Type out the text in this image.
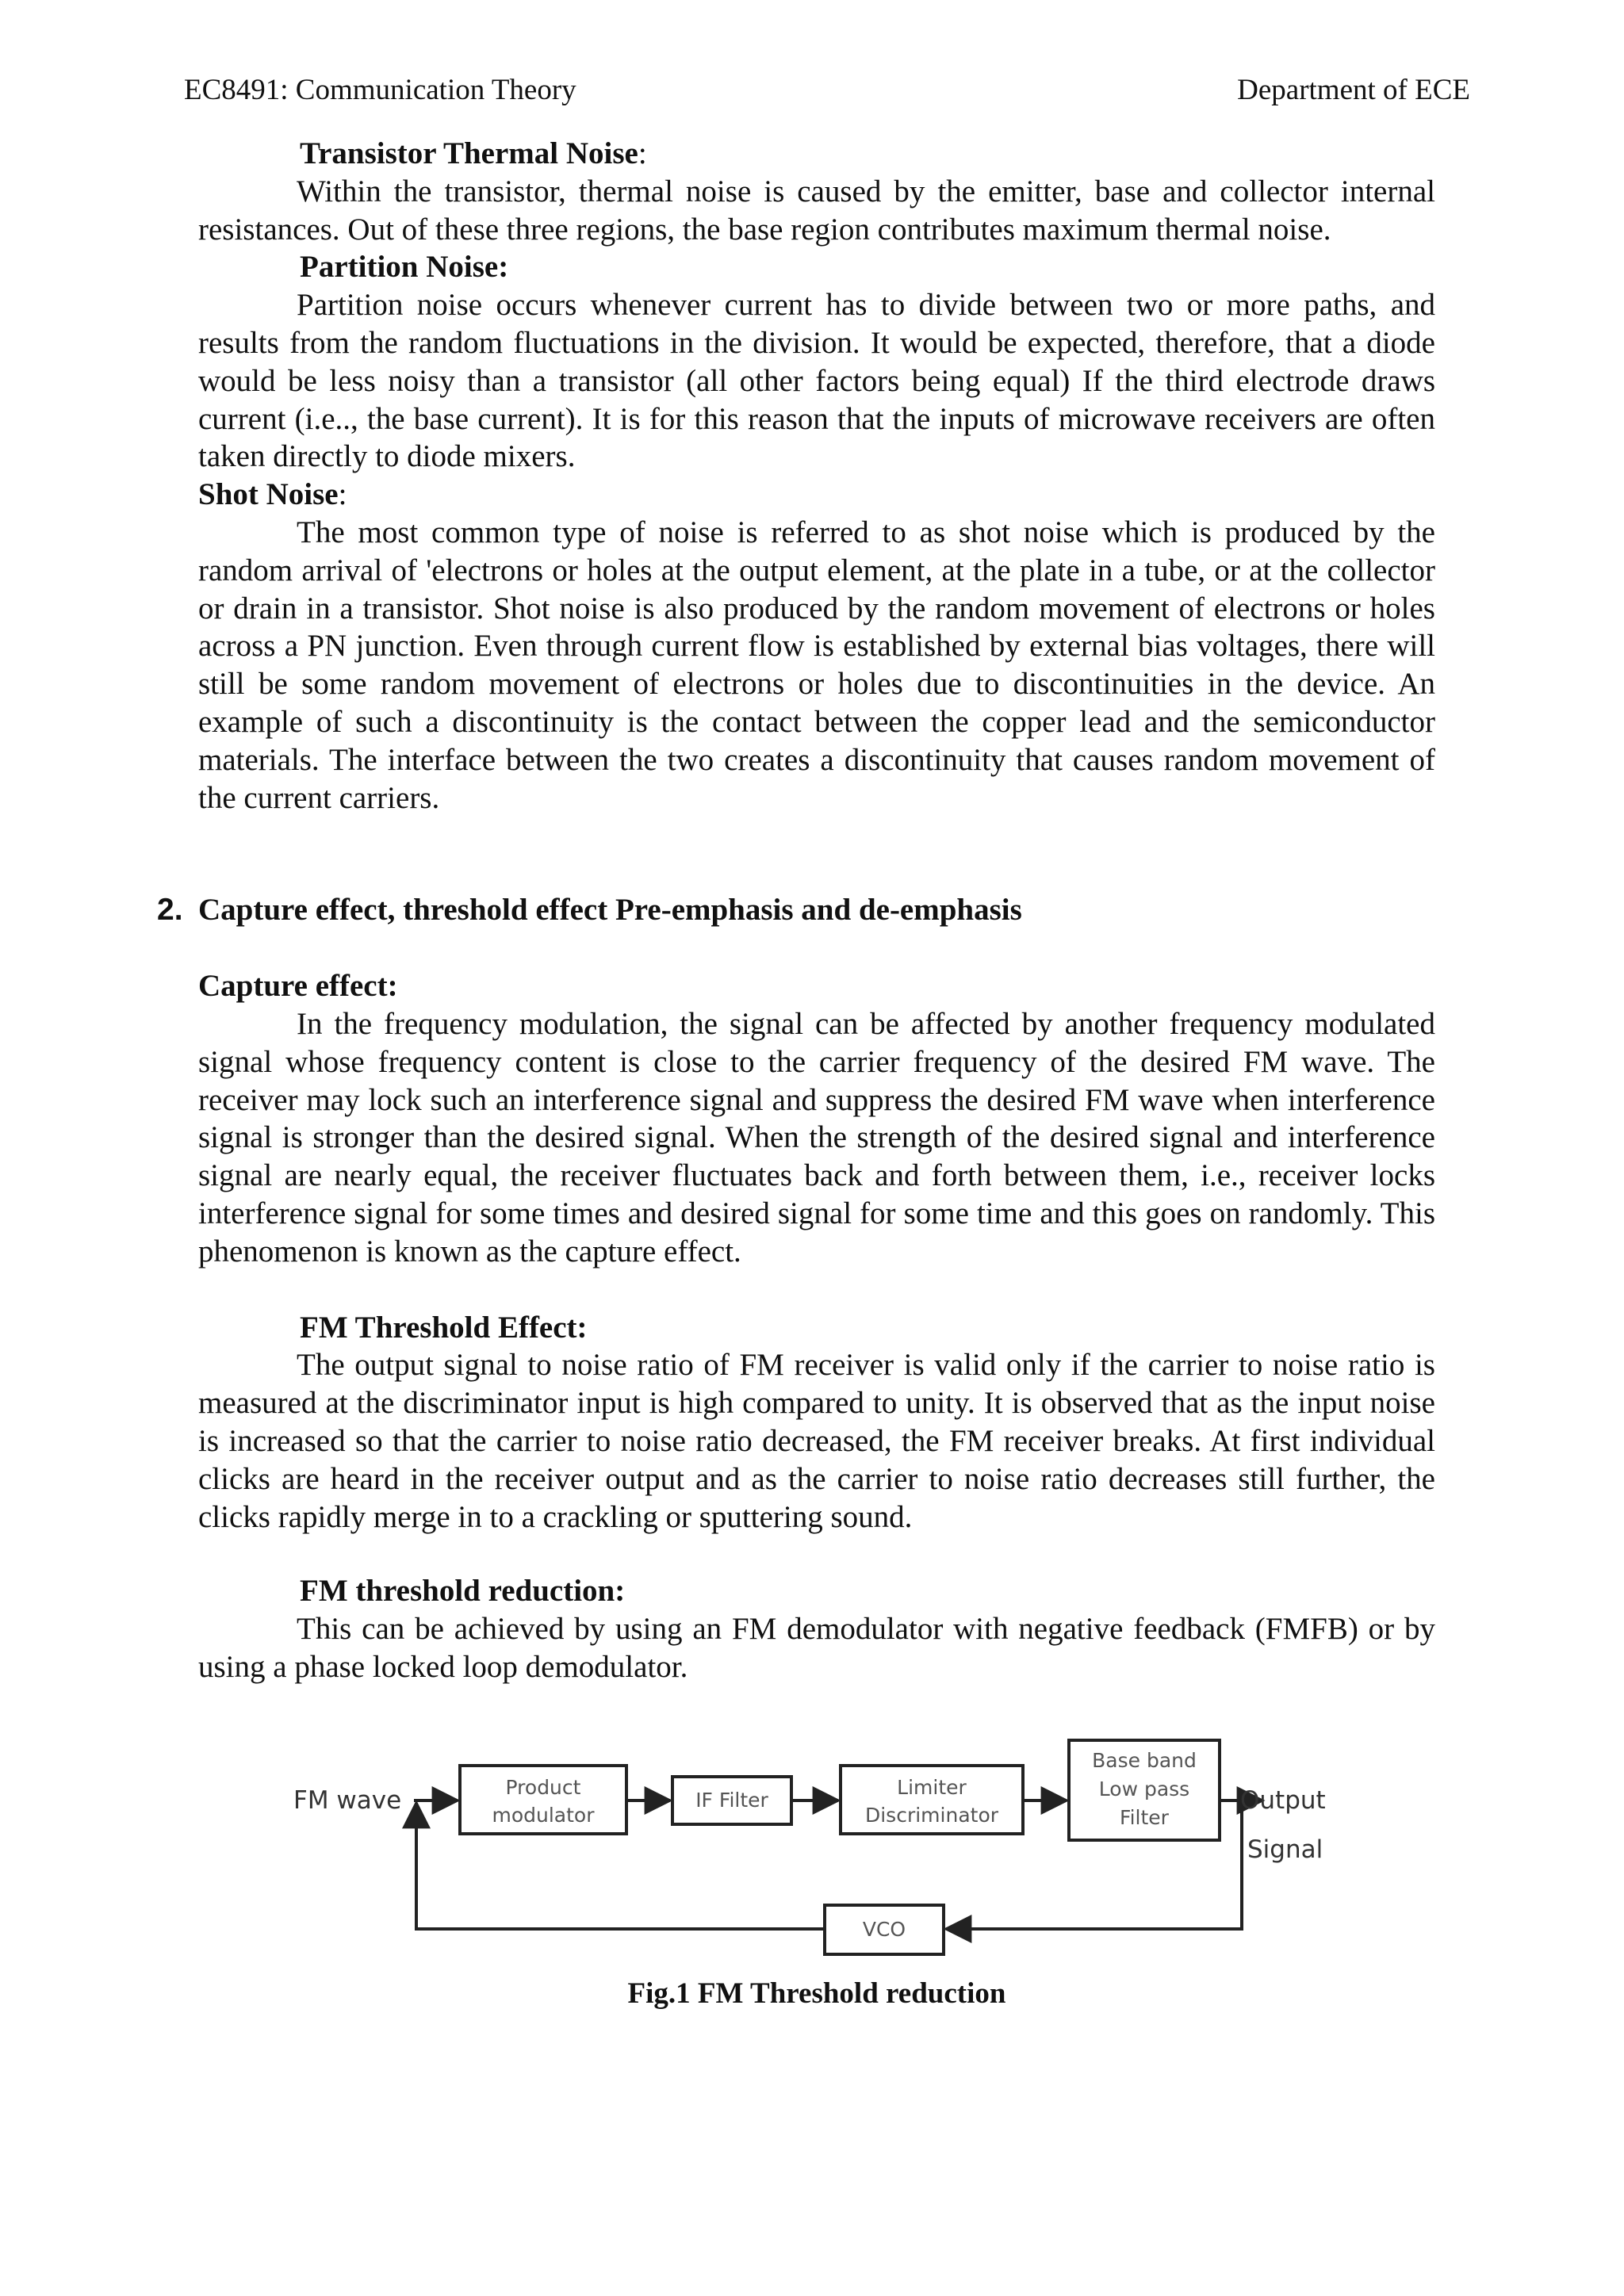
EC8491: Communication Theory	Department of ECE

Transistor Thermal Noise:

Within the transistor, thermal noise is caused by the emitter, base and collector internal resistances. Out of these three regions, the base region contributes maximum thermal noise.

Partition Noise:

Partition noise occurs whenever current has to divide between two or more paths, and results from the random fluctuations in the division. It would be expected, therefore, that a diode would be less noisy than a transistor (all other factors being equal) If the third electrode draws current (i.e.., the base current). It is for this reason that the inputs of microwave receivers are often taken directly to diode mixers.

Shot Noise:

The most common type of noise is referred to as shot noise which is produced by the random arrival of 'electrons or holes at the output element, at the plate in a tube, or at the collector or drain in a transistor. Shot noise is also produced by the random movement of electrons or holes across a PN junction. Even through current flow is established by external bias voltages, there will still be some random movement of electrons or holes due to discontinuities in the device. An example of such a discontinuity is the contact between the copper lead and the semiconductor materials. The interface between the two creates a discontinuity that causes random movement of the current carriers.

2. Capture effect, threshold effect Pre-emphasis and de-emphasis

Capture effect:

In the frequency modulation, the signal can be affected by another frequency modulated signal whose frequency content is close to the carrier frequency of the desired FM wave. The receiver may lock such an interference signal and suppress the desired FM wave when interference signal is stronger than the desired signal. When the strength of the desired signal and interference signal are nearly equal, the receiver fluctuates back and forth between them, i.e., receiver locks interference signal for some times and desired signal for some time and this goes on randomly. This phenomenon is known as the capture effect.

FM Threshold Effect:

The output signal to noise ratio of FM receiver is valid only if the carrier to noise ratio is measured at the discriminator input is high compared to unity. It is observed that as the input noise is increased so that the carrier to noise ratio decreased, the FM receiver breaks. At first individual clicks are heard in the receiver output and as the carrier to noise ratio decreases still further, the clicks rapidly merge in to a crackling or sputtering sound.

FM threshold reduction:

This can be achieved by using an FM demodulator with negative feedback (FMFB) or by using a phase locked loop demodulator.

FM wave	Output
Signal
Product
modulator
IF Filter
Limiter
Discriminator
Base band
Low pass
Filter
VCO

Fig.1 FM Threshold reduction
